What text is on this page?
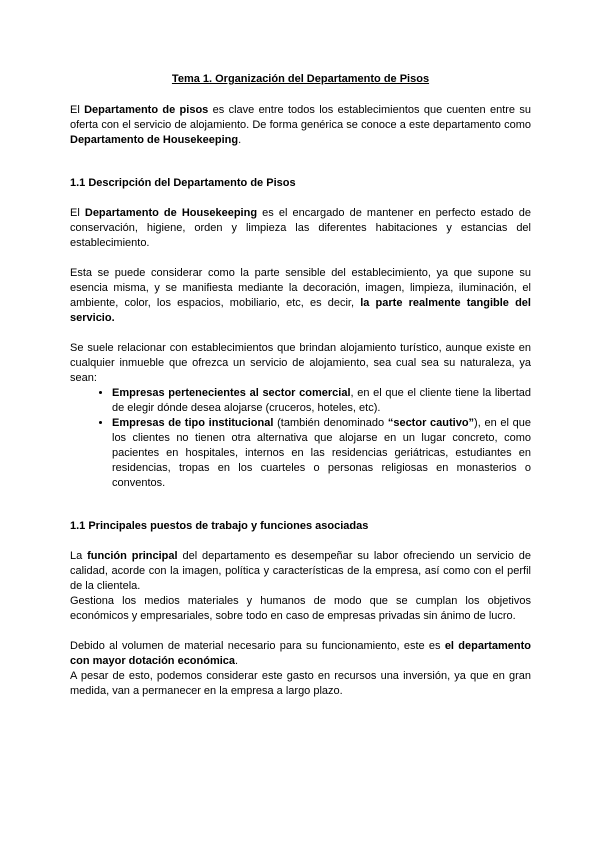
Tema 1. Organización del Departamento de Pisos

El Departamento de pisos es clave entre todos los establecimientos que cuenten entre su oferta con el servicio de alojamiento. De forma genérica se conoce a este departamento como Departamento de Housekeeping.

1.1 Descripción del Departamento de Pisos

El Departamento de Housekeeping es el encargado de mantener en perfecto estado de conservación, higiene, orden y limpieza las diferentes habitaciones y estancias del establecimiento.

Esta se puede considerar como la parte sensible del establecimiento, ya que supone su esencia misma, y se manifiesta mediante la decoración, imagen, limpieza, iluminación, el ambiente, color, los espacios, mobiliario, etc, es decir, la parte realmente tangible del servicio.

Se suele relacionar con establecimientos que brindan alojamiento turístico, aunque existe en cualquier inmueble que ofrezca un servicio de alojamiento, sea cual sea su naturaleza, ya sean:

• Empresas pertenecientes al sector comercial, en el que el cliente tiene la libertad de elegir dónde desea alojarse (cruceros, hoteles, etc).
• Empresas de tipo institucional (también denominado “sector cautivo”), en el que los clientes no tienen otra alternativa que alojarse en un lugar concreto, como pacientes en hospitales, internos en las residencias geriátricas, estudiantes en residencias, tropas en los cuarteles o personas religiosas en monasterios o conventos.
1.1 Principales puestos de trabajo y funciones asociadas

La función principal del departamento es desempeñar su labor ofreciendo un servicio de calidad, acorde con la imagen, política y características de la empresa, así como con el perfil de la clientela.

Gestiona los medios materiales y humanos de modo que se cumplan los objetivos económicos y empresariales, sobre todo en caso de empresas privadas sin ánimo de lucro.

Debido al volumen de material necesario para su funcionamiento, este es el departamento con mayor dotación económica.

A pesar de esto, podemos considerar este gasto en recursos una inversión, ya que en gran medida, van a permanecer en la empresa a largo plazo.
